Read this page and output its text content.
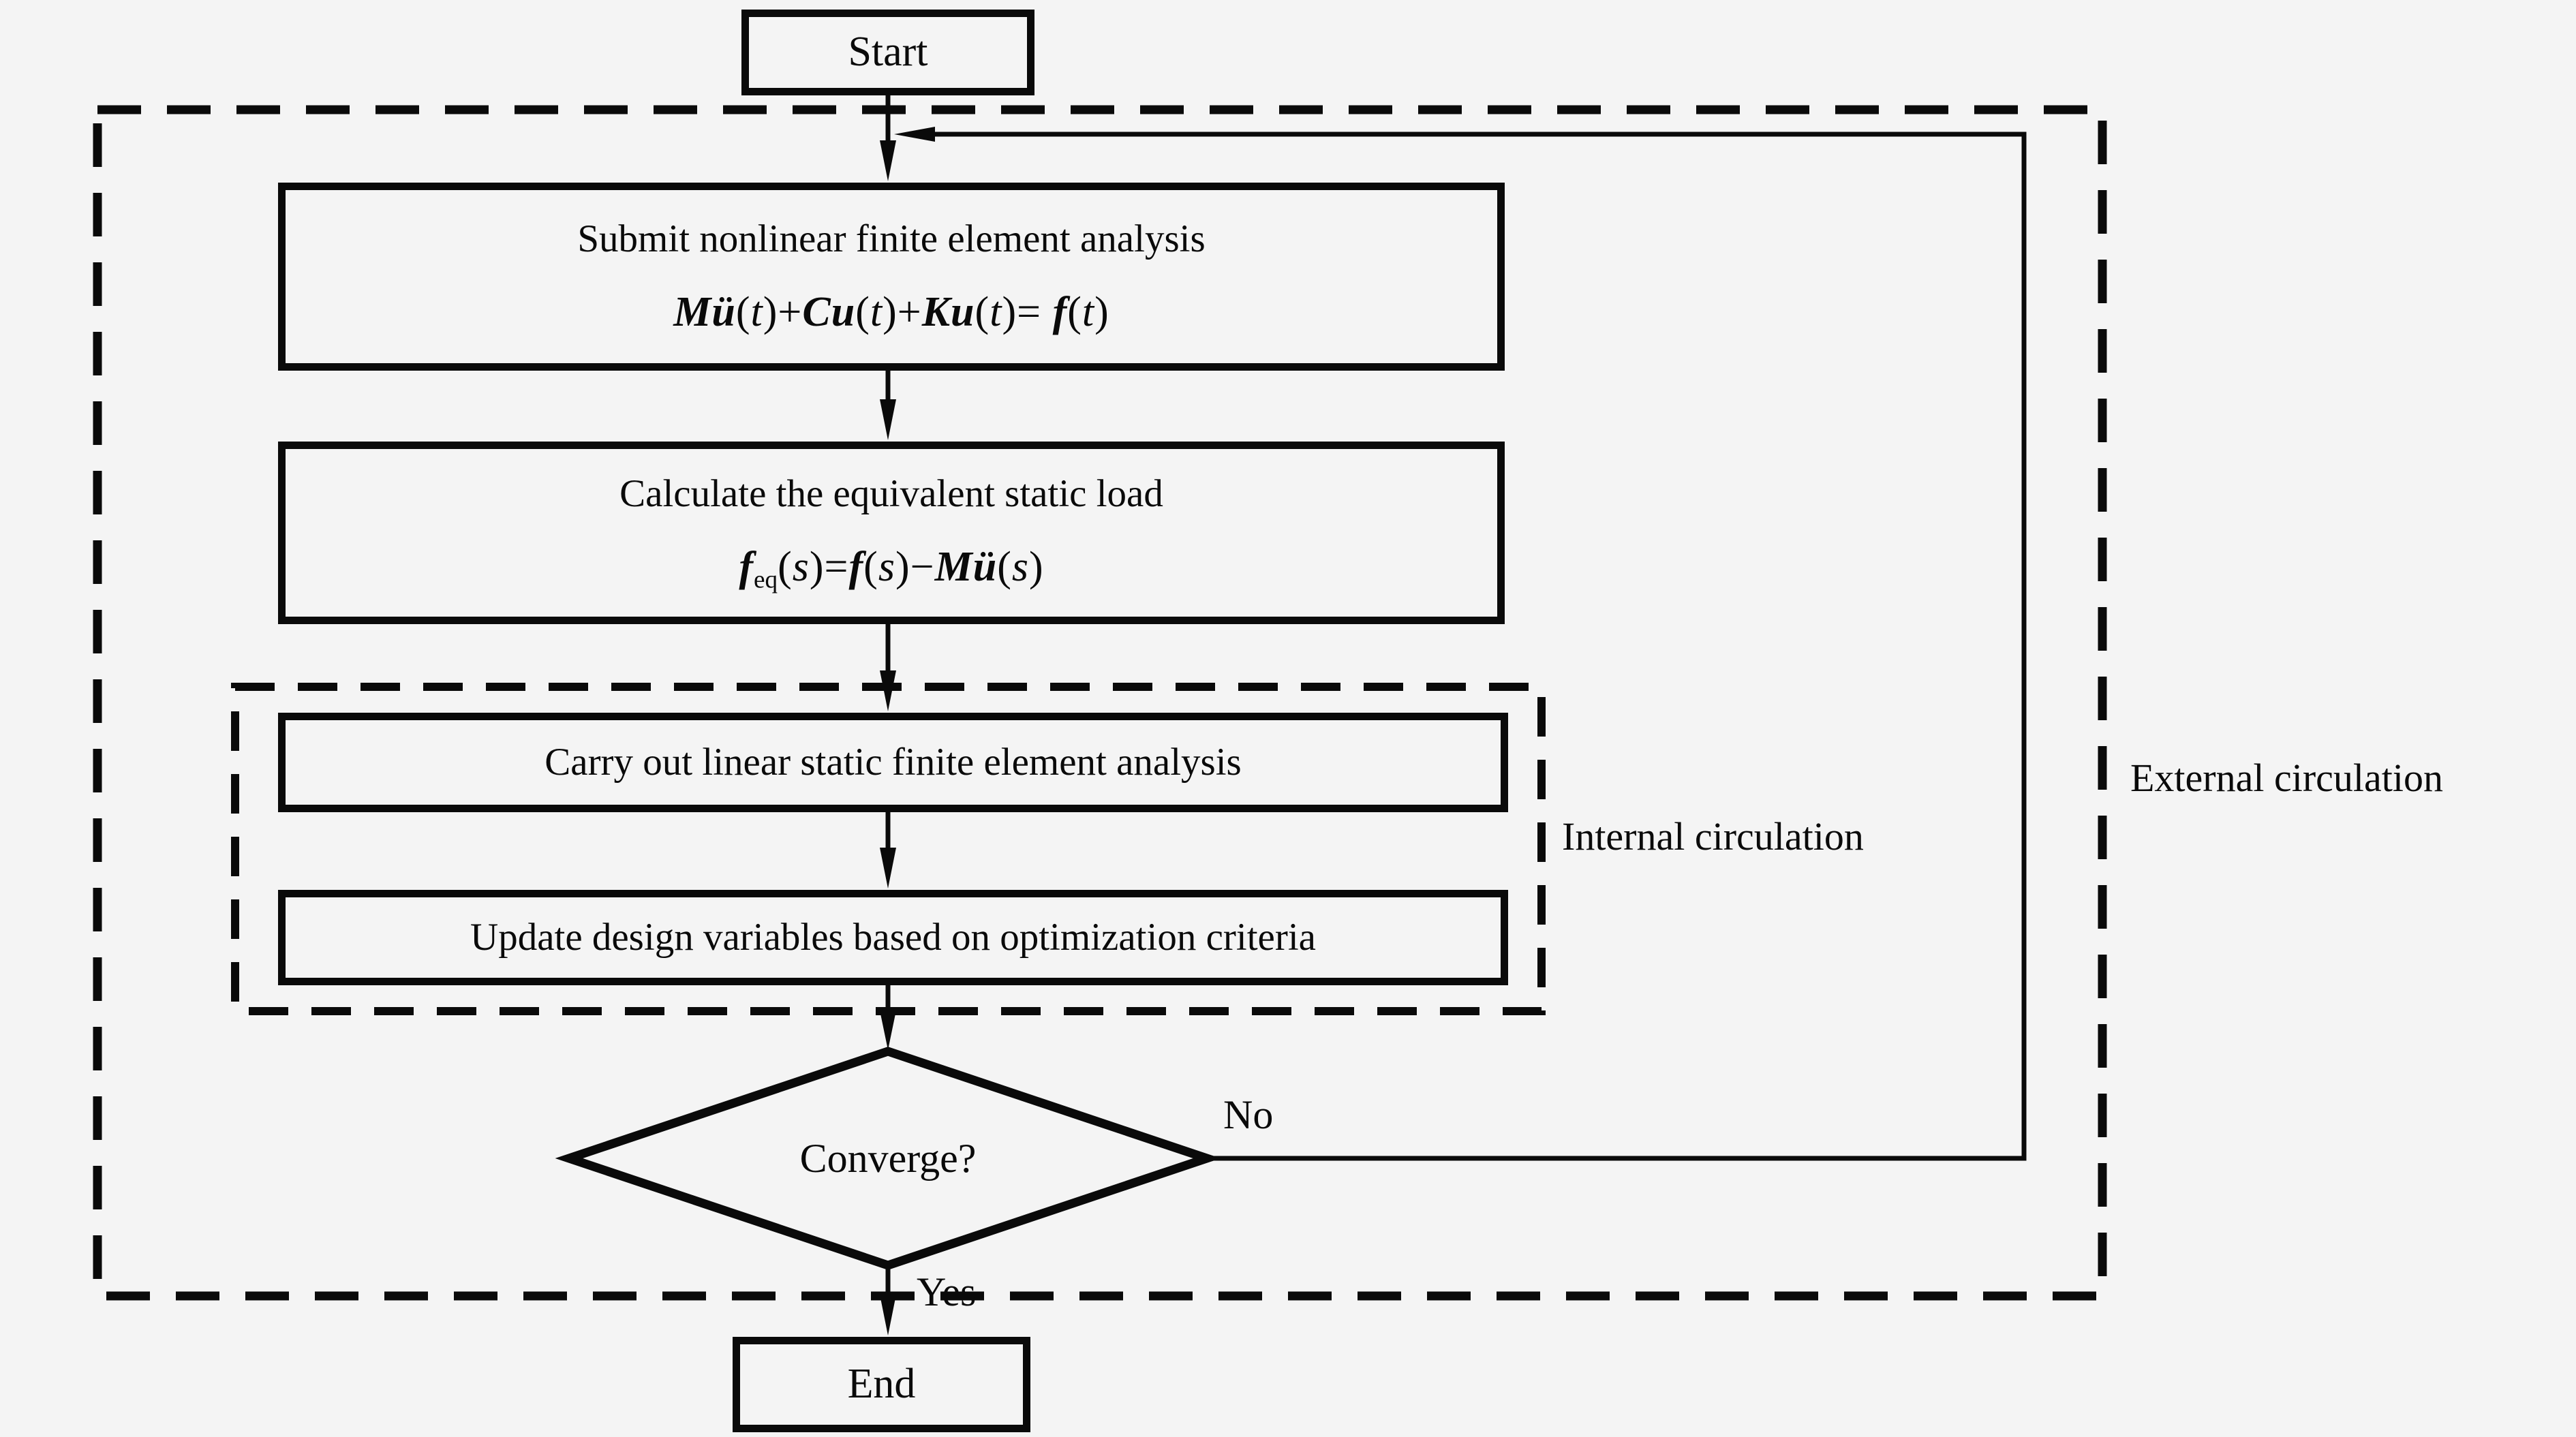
Start
Submit nonlinear finite element analysis
Mü(t)+Cu(t)+Ku(t)= f(t)
Calculate the equivalent static load
feq(s)=f(s)−Mü(s)
Carry out linear static finite element analysis
Update design variables based on optimization criteria
Converge?
End
No
Yes
Internal circulation
External circulation
